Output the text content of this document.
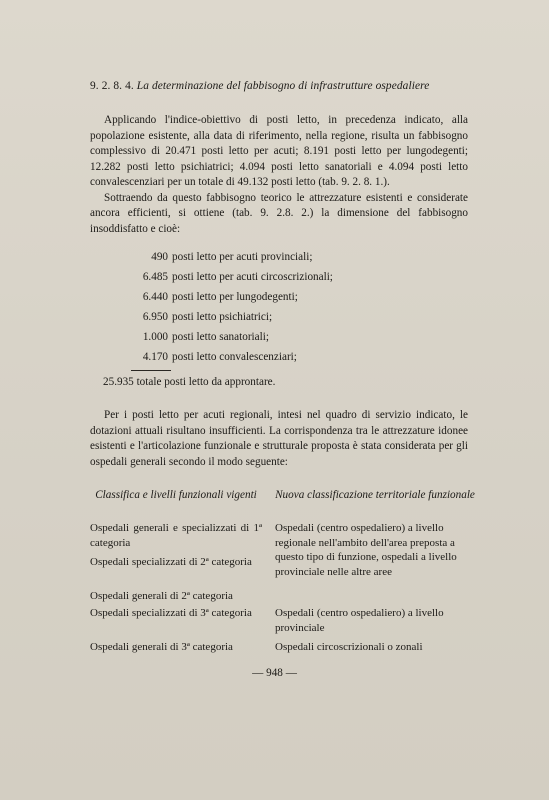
9. 2. 8. 4. La determinazione del fabbisogno di infrastrutture ospedaliere

Applicando l'indice-obiettivo di posti letto, in precedenza indicato, alla popolazione esistente, alla data di riferimento, nella regione, risulta un fabbisogno complessivo di 20.471 posti letto per acuti; 8.191 posti letto per lungodegenti; 12.282 posti letto psichiatrici; 4.094 posti letto sanatoriali e 4.094 posti letto convalescenziari per un totale di 49.132 posti letto (tab. 9. 2. 8. 1.).

Sottraendo da questo fabbisogno teorico le attrezzature esistenti e considerate ancora efficienti, si ottiene (tab. 9. 2.8. 2.) la dimensione del fabbisogno insoddisfatto e cioè:

490 posti letto per acuti provinciali;
6.485 posti letto per acuti circoscrizionali;
6.440 posti letto per lungodegenti;
6.950 posti letto psichiatrici;
1.000 posti letto sanatoriali;
4.170 posti letto convalescenziari;
25.935 totale posti letto da approntare.

Per i posti letto per acuti regionali, intesi nel quadro di servizio indicato, le dotazioni attuali risultano insufficienti. La corrispondenza tra le attrezzature idonee esistenti e l'articolazione funzionale e strutturale proposta è stata considerata per gli ospedali generali secondo il modo seguente:

Classifica e livelli funzionali vigenti	Nuova classificazione territoriale funzionale
Ospedali generali e specializzati di 1ª categoria
Ospedali specializzati di 2ª categoria
Ospedali generali di 2ª categoria
Ospedali specializzati di 3ª categoria
Ospedali generali di 3ª categoria
Ospedali (centro ospedaliero) a livello regionale nell'ambito dell'area preposta a questo tipo di funzione, ospedali a livello provinciale nelle altre aree
Ospedali (centro ospedaliero) a livello provinciale
Ospedali circoscrizionali o zonali
— 948 —
